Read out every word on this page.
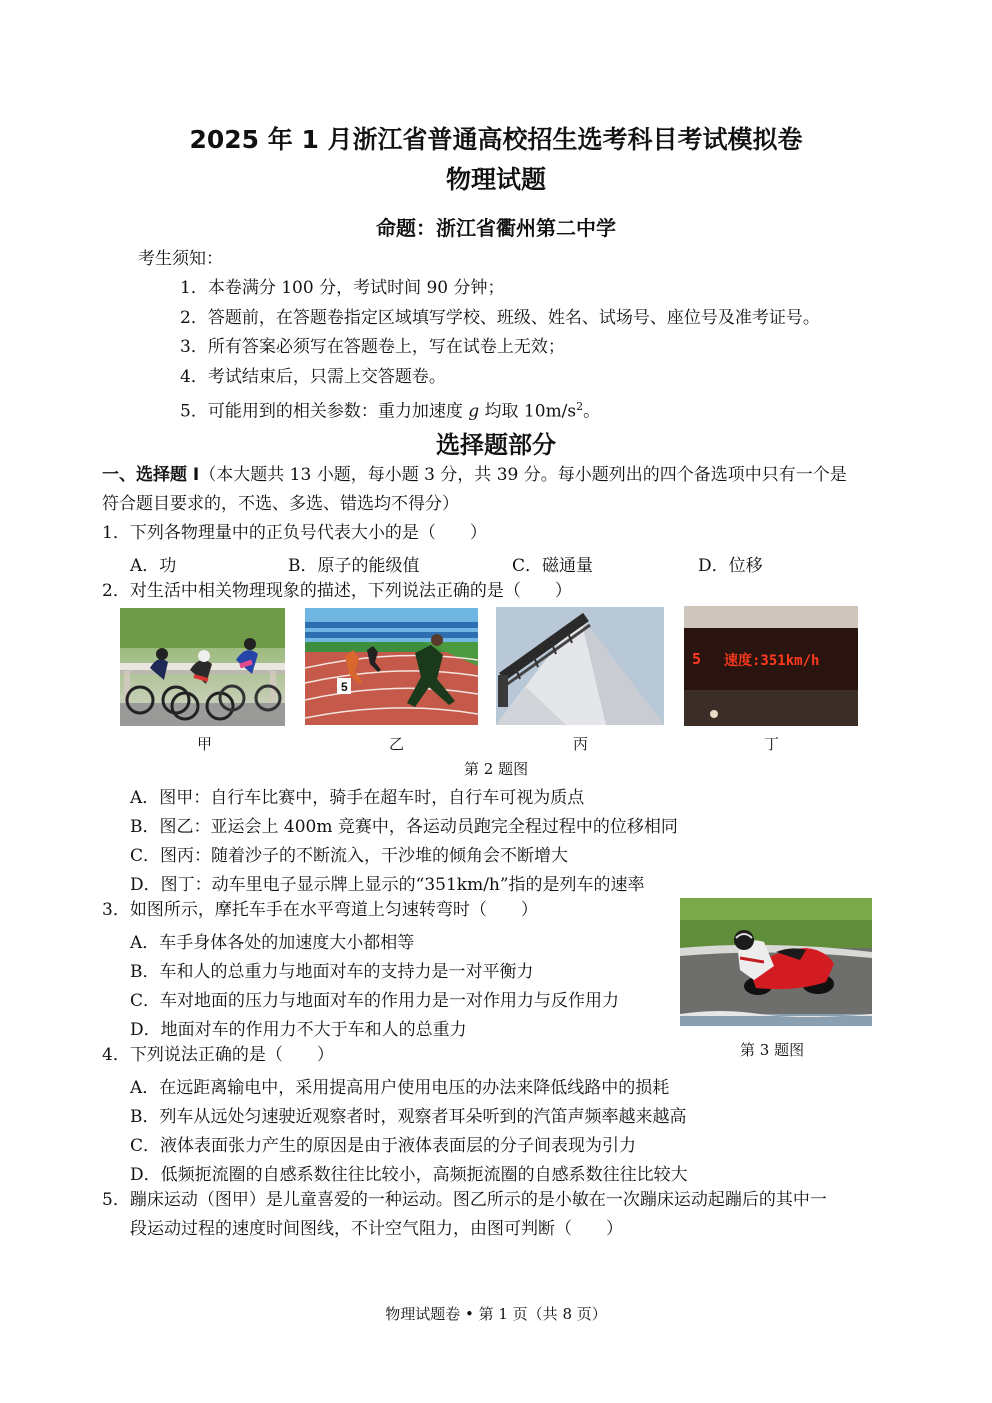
2025 年 1 月浙江省普通高校招生选考科目考试模拟卷
物理试题
命题：浙江省衢州第二中学
考生须知：
1．本卷满分 100 分，考试时间 90 分钟；
2．答题前，在答题卷指定区域填写学校、班级、姓名、试场号、座位号及准考证号。
3．所有答案必须写在答题卷上，写在试卷上无效；
4．考试结束后，只需上交答题卷。
5．可能用到的相关参数：重力加速度 g 均取 $10m/s^2$。
选择题部分
一、选择题 I（本大题共 13 小题，每小题 3 分，共 39 分。每小题列出的四个备选项中只有一个是
符合题目要求的，不选、多选、错选均不得分）
1．下列各物理量中的正负号代表大小的是（　　）
A．功	B．原子的能级值	C．磁通量	D．位移
2．对生活中相关物理现象的描述，下列说法正确的是（　　）
5
5 速度:351km/h
甲	乙	丙	丁
第 2 题图
A．图甲：自行车比赛中，骑手在超车时，自行车可视为质点
B．图乙：亚运会上 400m 竞赛中，各运动员跑完全程过程中的位移相同
C．图丙：随着沙子的不断流入，干沙堆的倾角会不断增大
D．图丁：动车里电子显示牌上显示的“351km/h”指的是列车的速率
3．如图所示，摩托车手在水平弯道上匀速转弯时（　　）
A．车手身体各处的加速度大小都相等
B．车和人的总重力与地面对车的支持力是一对平衡力
C．车对地面的压力与地面对车的作用力是一对作用力与反作用力
D．地面对车的作用力不大于车和人的总重力
第 3 题图
4．下列说法正确的是（　　）
A．在远距离输电中，采用提高用户使用电压的办法来降低线路中的损耗
B．列车从远处匀速驶近观察者时，观察者耳朵听到的汽笛声频率越来越高
C．液体表面张力产生的原因是由于液体表面层的分子间表现为引力
D．低频扼流圈的自感系数往往比较小，高频扼流圈的自感系数往往比较大
5．蹦床运动（图甲）是儿童喜爱的一种运动。图乙所示的是小敏在一次蹦床运动起蹦后的其中一
段运动过程的速度时间图线，不计空气阻力，由图可判断（　　）
物理试题卷 • 第 1 页（共 8 页）
